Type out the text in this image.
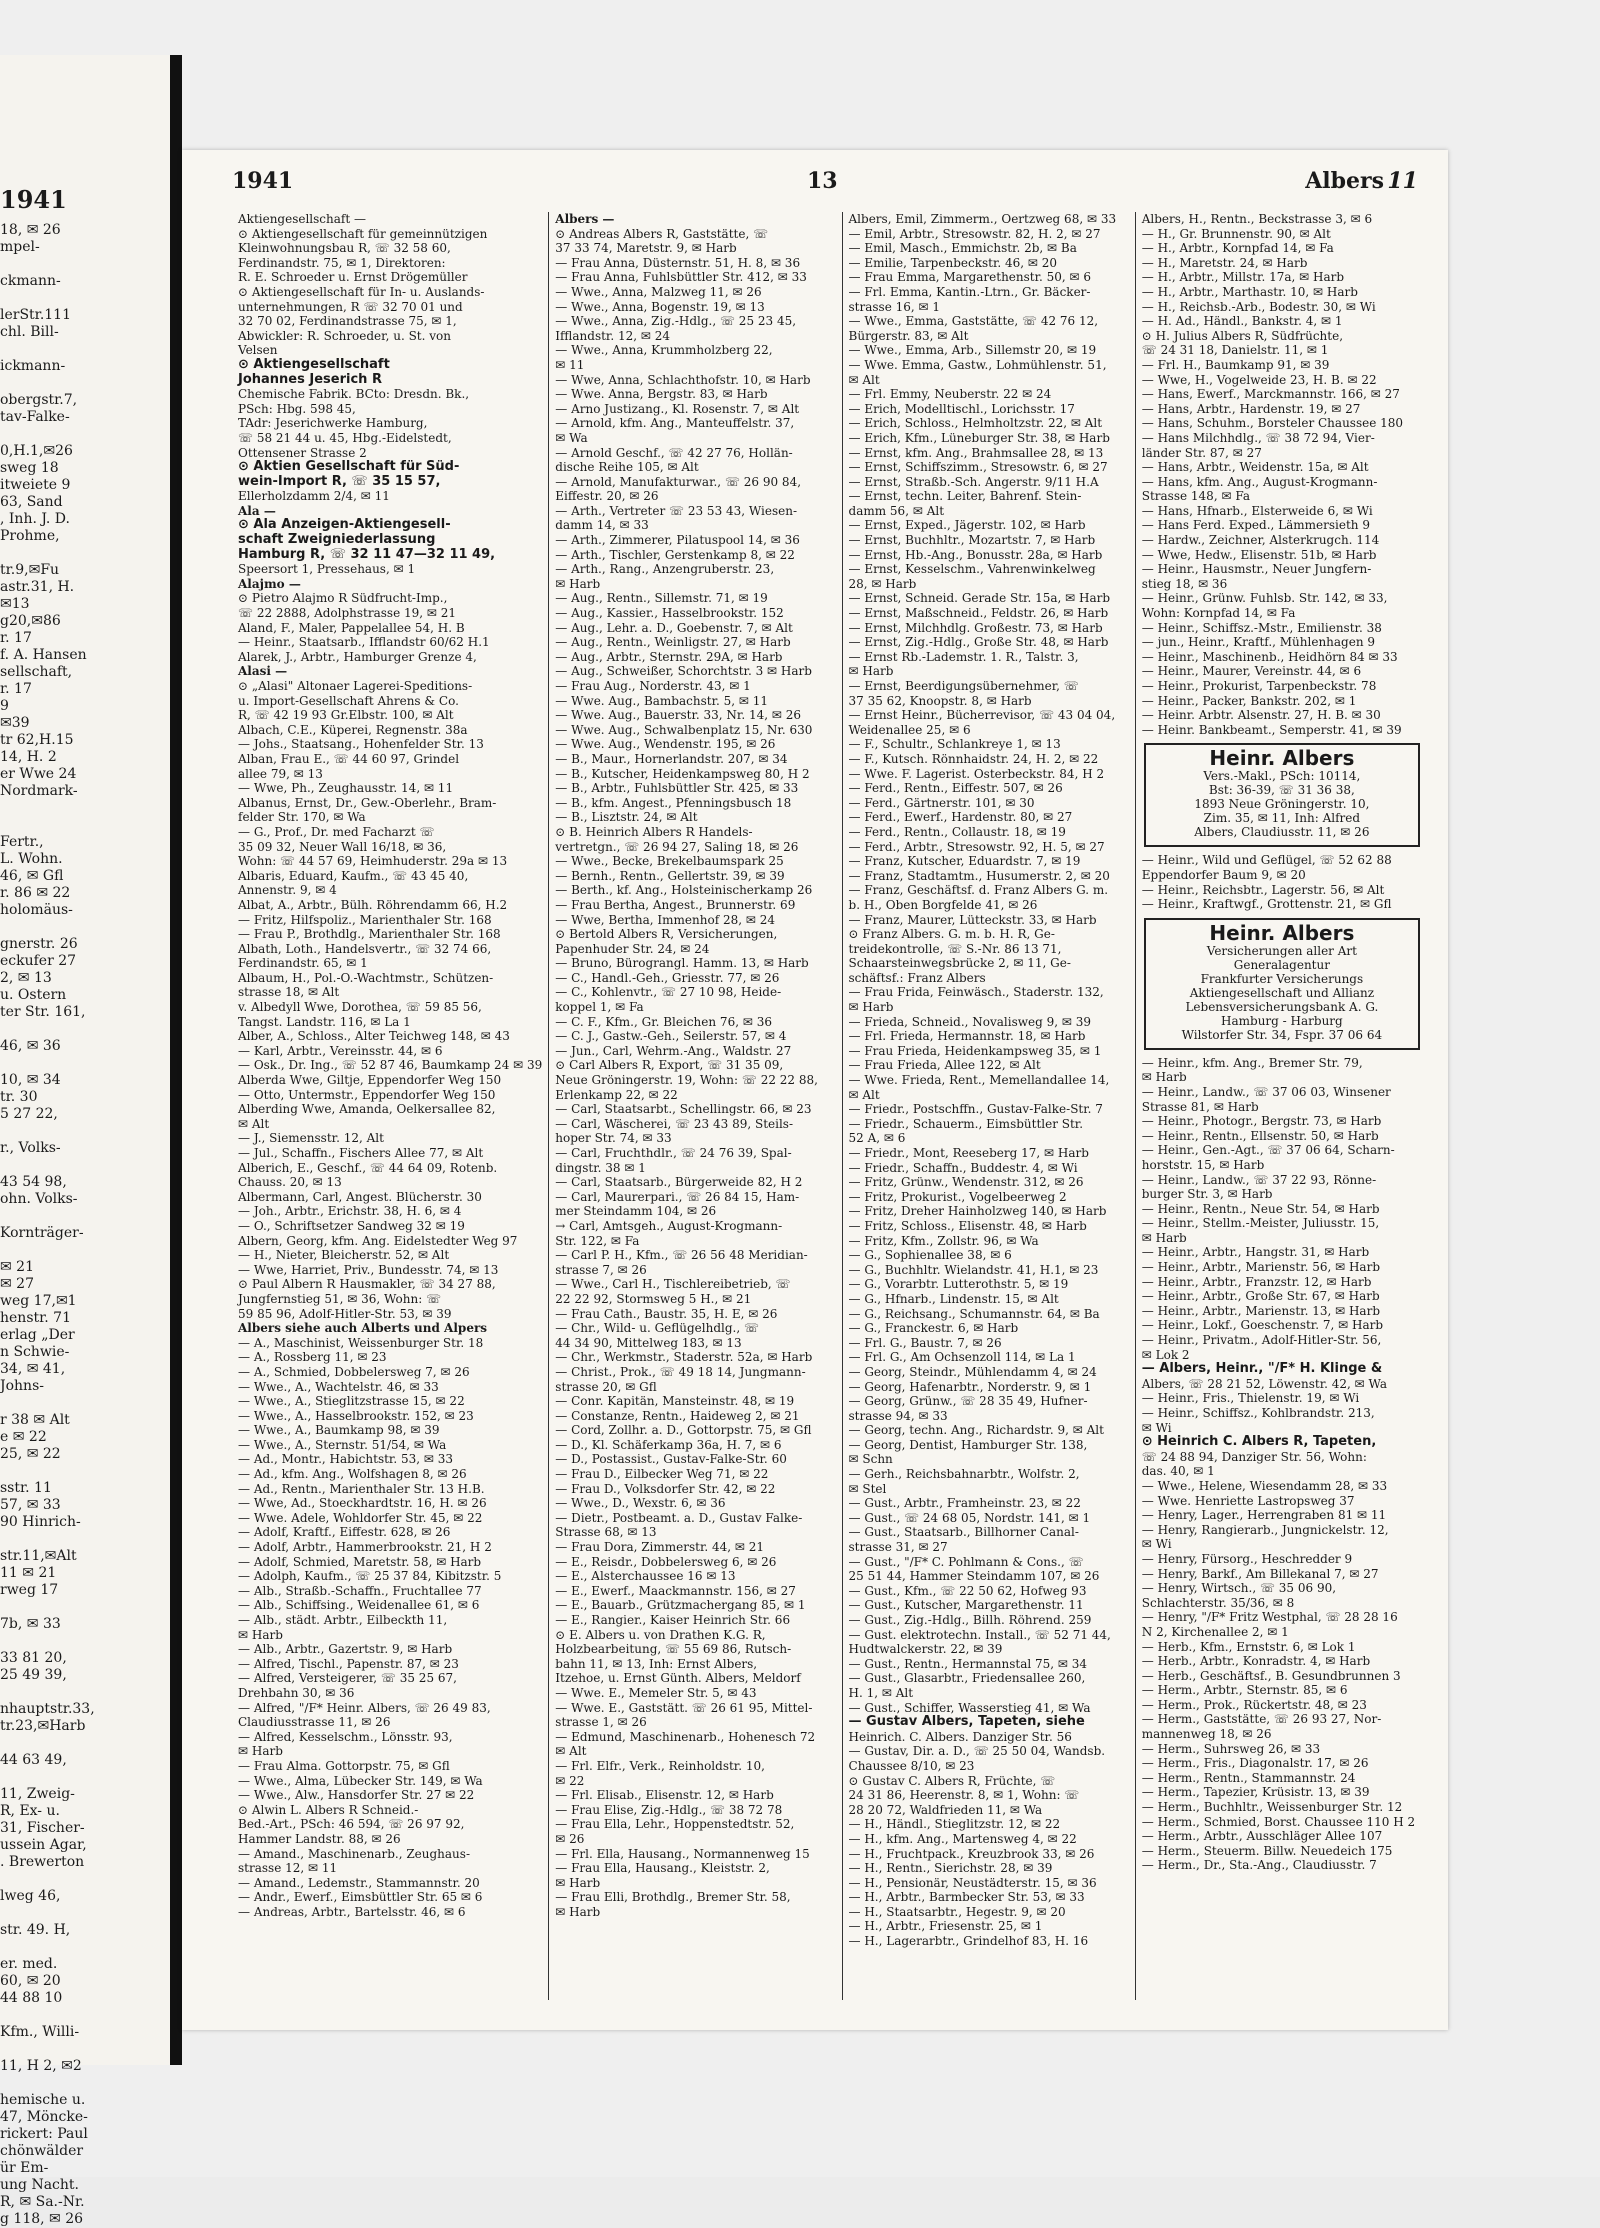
1941
18, ✉ 26
mpel-

ckmann-

lerStr.111
chl. Bill-

ickmann-

obergstr.7,
tav-Falke-

0,H.1,✉26
sweg 18
itweiete 9
63, Sand
, Inh. J. D.
Prohme,

tr.9,✉Fu
astr.31, H.
✉13
g20,✉86
r. 17
f. A. Hansen
sellschaft,
r. 17
9
✉39
tr 62,H.15
14, H. 2
er Wwe 24
Nordmark-

Fertr.,
L. Wohn.
46, ✉ Gfl
r. 86 ✉ 22
holomäus-

gnerstr. 26
eckufer 27
2, ✉ 13
u. Ostern
ter Str. 161,

46, ✉ 36

10, ✉ 34
tr. 30
5 27 22,

r., Volks-

43 54 98,
ohn. Volks-

Kornträger-

✉ 21
✉ 27
weg 17,✉1
henstr. 71
erlag „Der
n Schwie-
34, ✉ 41,
Johns-

r 38 ✉ Alt
e ✉ 22
25, ✉ 22

sstr. 11
57, ✉ 33
90 Hinrich-

str.11,✉Alt
11 ✉ 21
rweg 17

7b, ✉ 33

33 81 20,
25 49 39,

nhauptstr.33,
tr.23,✉Harb

44 63 49,

11, Zweig-
R, Ex- u.
31, Fischer-
ussein Agar,
. Brewerton

lweg 46,

str. 49. H,

er. med.
60, ✉ 20
44 88 10

Kfm., Willi-

11, H 2, ✉2

hemische u.
47, Möncke-
rickert: Paul
chönwälder
ür Em-
ung Nacht.
R, ✉ Sa.-Nr.
g 118, ✉ 26
1941	13	Albers 11
Aktiengesellschaft —
⊙ Aktiengesellschaft für gemeinnützigen
Kleinwohnungsbau R, ☏ 32 58 60,
Ferdinandstr. 75, ✉ 1, Direktoren:
R. E. Schroeder u. Ernst Drögemüller
⊙ Aktiengesellschaft für In- u. Auslands-
unternehmungen, R ☏ 32 70 01 und
32 70 02, Ferdinandstrasse 75, ✉ 1,
Abwickler: R. Schroeder, u. St. von
Velsen
⊙ Aktiengesellschaft
Johannes Jeserich R
Chemische Fabrik. BCto: Dresdn. Bk.,
PSch: Hbg. 598 45,
TAdr: Jeserichwerke Hamburg,
☏ 58 21 44 u. 45, Hbg.-Eidelstedt,
Ottensener Strasse 2
⊙ Aktien Gesellschaft für Süd-
wein-Import R, ☏ 35 15 57,
Ellerholzdamm 2/4, ✉ 11
Ala —
⊙ Ala Anzeigen-Aktiengesell-
schaft Zweigniederlassung
Hamburg R, ☏ 32 11 47—32 11 49,
Speersort 1, Pressehaus, ✉ 1
Alajmo —
⊙ Pietro Alajmo R Südfrucht-Imp.,
☏ 22 2888, Adolphstrasse 19, ✉ 21
Aland, F., Maler, Pappelallee 54, H. B
— Heinr., Staatsarb., Ifflandstr 60/62 H.1
Alarek, J., Arbtr., Hamburger Grenze 4,
Alasi —
⊙ „Alasi" Altonaer Lagerei-Speditions-
u. Import-Gesellschaft Ahrens & Co.
R, ☏ 42 19 93 Gr.Elbstr. 100, ✉ Alt
Albach, C.E., Küperei, Regnenstr. 38a
— Johs., Staatsang., Hohenfelder Str. 13
Alban, Frau E., ☏ 44 60 97, Grindel
allee 79, ✉ 13
— Wwe, Ph., Zeughausstr. 14, ✉ 11
Albanus, Ernst, Dr., Gew.-Oberlehr., Bram-
felder Str. 170, ✉ Wa
— G., Prof., Dr. med Facharzt ☏
35 09 32, Neuer Wall 16/18, ✉ 36,
Wohn: ☏ 44 57 69, Heimhuderstr. 29a ✉ 13
Albaris, Eduard, Kaufm., ☏ 43 45 40,
Annenstr. 9, ✉ 4
Albat, A., Arbtr., Bülh. Röhrendamm 66, H.2
— Fritz, Hilfspoliz., Marienthaler Str. 168
— Frau P., Brothdlg., Marienthaler Str. 168
Albath, Loth., Handelsvertr., ☏ 32 74 66,
Ferdinandstr. 65, ✉ 1
Albaum, H., Pol.-O.-Wachtmstr., Schützen-
strasse 18, ✉ Alt
v. Albedyll Wwe, Dorothea, ☏ 59 85 56,
Tangst. Landstr. 116, ✉ La 1
Alber, A., Schloss., Alter Teichweg 148, ✉ 43
— Karl, Arbtr., Vereinsstr. 44, ✉ 6
— Osk., Dr. Ing., ☏ 52 87 46, Baumkamp 24 ✉ 39
Alberda Wwe, Giltje, Eppendorfer Weg 150
— Otto, Untermstr., Eppendorfer Weg 150
Alberding Wwe, Amanda, Oelkersallee 82,
✉ Alt
— J., Siemensstr. 12, Alt
— Jul., Schaffn., Fischers Allee 77, ✉ Alt
Alberich, E., Geschf., ☏ 44 64 09, Rotenb.
Chauss. 20, ✉ 13
Albermann, Carl, Angest. Blücherstr. 30
— Joh., Arbtr., Erichstr. 38, H. 6, ✉ 4
— O., Schriftsetzer Sandweg 32 ✉ 19
Albern, Georg, kfm. Ang. Eidelstedter Weg 97
— H., Nieter, Bleicherstr. 52, ✉ Alt
— Wwe, Harriet, Priv., Bundesstr. 74, ✉ 13
⊙ Paul Albern R Hausmakler, ☏ 34 27 88,
Jungfernstieg 51, ✉ 36, Wohn: ☏
59 85 96, Adolf-Hitler-Str. 53, ✉ 39
Albers siehe auch Alberts und Alpers
— A., Maschinist, Weissenburger Str. 18
— A., Rossberg 11, ✉ 23
— A., Schmied, Dobbelersweg 7, ✉ 26
— Wwe., A., Wachtelstr. 46, ✉ 33
— Wwe., A., Stieglitzstrasse 15, ✉ 22
— Wwe., A., Hasselbrookstr. 152, ✉ 23
— Wwe., A., Baumkamp 98, ✉ 39
— Wwe., A., Sternstr. 51/54, ✉ Wa
— Ad., Montr., Habichtstr. 53, ✉ 33
— Ad., kfm. Ang., Wolfshagen 8, ✉ 26
— Ad., Rentn., Marienthaler Str. 13 H.B.
— Wwe, Ad., Stoeckhardtstr. 16, H. ✉ 26
— Wwe. Adele, Wohldorfer Str. 45, ✉ 22
— Adolf, Kraftf., Eiffestr. 628, ✉ 26
— Adolf, Arbtr., Hammerbrookstr. 21, H 2
— Adolf, Schmied, Maretstr. 58, ✉ Harb
— Adolph, Kaufm., ☏ 25 37 84, Kibitzstr. 5
— Alb., Straßb.-Schaffn., Fruchtallee 77
— Alb., Schiffsing., Weidenallee 61, ✉ 6
— Alb., städt. Arbtr., Eilbeckth 11,
✉ Harb
— Alb., Arbtr., Gazertstr. 9, ✉ Harb
— Alfred, Tischl., Papenstr. 87, ✉ 23
— Alfred, Versteigerer, ☏ 35 25 67,
Drehbahn 30, ✉ 36
— Alfred, "/F* Heinr. Albers, ☏ 26 49 83,
Claudiusstrasse 11, ✉ 26
— Alfred, Kesselschm., Lönsstr. 93,
✉ Harb
— Frau Alma. Gottorpstr. 75, ✉ Gfl
— Wwe., Alma, Lübecker Str. 149, ✉ Wa
— Wwe., Alw., Hansdorfer Str. 27 ✉ 22
⊙ Alwin L. Albers R Schneid.-
Bed.-Art., PSch: 46 594, ☏ 26 97 92,
Hammer Landstr. 88, ✉ 26
— Amand., Maschinenarb., Zeughaus-
strasse 12, ✉ 11
— Amand., Ledemstr., Stammannstr. 20
— Andr., Ewerf., Eimsbüttler Str. 65 ✉ 6
— Andreas, Arbtr., Bartelsstr. 46, ✉ 6
Albers —
⊙ Andreas Albers R, Gaststätte, ☏
37 33 74, Maretstr. 9, ✉ Harb
— Frau Anna, Düsternstr. 51, H. 8, ✉ 36
— Frau Anna, Fuhlsbüttler Str. 412, ✉ 33
— Wwe., Anna, Malzweg 11, ✉ 26
— Wwe., Anna, Bogenstr. 19, ✉ 13
— Wwe., Anna, Zig.-Hdlg., ☏ 25 23 45,
Ifflandstr. 12, ✉ 24
— Wwe., Anna, Krummholzberg 22,
✉ 11
— Wwe, Anna, Schlachthofstr. 10, ✉ Harb
— Wwe. Anna, Bergstr. 83, ✉ Harb
— Arno Justizang., Kl. Rosenstr. 7, ✉ Alt
— Arnold, kfm. Ang., Manteuffelstr. 37,
✉ Wa
— Arnold Geschf., ☏ 42 27 76, Hollän-
dische Reihe 105, ✉ Alt
— Arnold, Manufakturwar., ☏ 26 90 84,
Eiffestr. 20, ✉ 26
— Arth., Vertreter ☏ 23 53 43, Wiesen-
damm 14, ✉ 33
— Arth., Zimmerer, Pilatuspool 14, ✉ 36
— Arth., Tischler, Gerstenkamp 8, ✉ 22
— Arth., Rang., Anzengruberstr. 23,
✉ Harb
— Aug., Rentn., Sillemstr. 71, ✉ 19
— Aug., Kassier., Hasselbrookstr. 152
— Aug., Lehr. a. D., Goebenstr. 7, ✉ Alt
— Aug., Rentn., Weinligstr. 27, ✉ Harb
— Aug., Arbtr., Sternstr. 29A, ✉ Harb
— Aug., Schweißer, Schorchtstr. 3 ✉ Harb
— Frau Aug., Norderstr. 43, ✉ 1
— Wwe. Aug., Bambachstr. 5, ✉ 11
— Wwe. Aug., Bauerstr. 33, Nr. 14, ✉ 26
— Wwe. Aug., Schwalbenplatz 15, Nr. 630
— Wwe. Aug., Wendenstr. 195, ✉ 26
— B., Maur., Hornerlandstr. 207, ✉ 34
— B., Kutscher, Heidenkampsweg 80, H 2
— B., Arbtr., Fuhlsbüttler Str. 425, ✉ 33
— B., kfm. Angest., Pfenningsbusch 18
— B., Lisztstr. 24, ✉ Alt
⊙ B. Heinrich Albers R Handels-
vertretgn., ☏ 26 94 27, Saling 18, ✉ 26
— Wwe., Becke, Brekelbaumspark 25
— Bernh., Rentn., Gellertstr. 39, ✉ 39
— Berth., kf. Ang., Holsteinischerkamp 26
— Frau Bertha, Angest., Brunnerstr. 69
— Wwe, Bertha, Immenhof 28, ✉ 24
⊙ Bertold Albers R, Versicherungen,
Papenhuder Str. 24, ✉ 24
— Bruno, Bürograngl. Hamm. 13, ✉ Harb
— C., Handl.-Geh., Griesstr. 77, ✉ 26
— C., Kohlenvtr., ☏ 27 10 98, Heide-
koppel 1, ✉ Fa
— C. F., Kfm., Gr. Bleichen 76, ✉ 36
— C. J., Gastw.-Geh., Seilerstr. 57, ✉ 4
— Jun., Carl, Wehrm.-Ang., Waldstr. 27
⊙ Carl Albers R, Export, ☏ 31 35 09,
Neue Gröningerstr. 19, Wohn: ☏ 22 22 88,
Erlenkamp 22, ✉ 22
— Carl, Staatsarbt., Schellingstr. 66, ✉ 23
— Carl, Wäscherei, ☏ 23 43 89, Steils-
hoper Str. 74, ✉ 33
— Carl, Fruchthdlr., ☏ 24 76 39, Spal-
dingstr. 38 ✉ 1
— Carl, Staatsarb., Bürgerweide 82, H 2
— Carl, Maurerpari., ☏ 26 84 15, Ham-
mer Steindamm 104, ✉ 26
→ Carl, Amtsgeh., August-Krogmann-
Str. 122, ✉ Fa
— Carl P. H., Kfm., ☏ 26 56 48 Meridian-
strasse 7, ✉ 26
— Wwe., Carl H., Tischlereibetrieb, ☏
22 22 92, Stormsweg 5 H., ✉ 21
— Frau Cath., Baustr. 35, H. E, ✉ 26
— Chr., Wild- u. Geflügelhdlg., ☏
44 34 90, Mittelweg 183, ✉ 13
— Chr., Werkmstr., Staderstr. 52a, ✉ Harb
— Christ., Prok., ☏ 49 18 14, Jungmann-
strasse 20, ✉ Gfl
— Conr. Kapitän, Mansteinstr. 48, ✉ 19
— Constanze, Rentn., Haideweg 2, ✉ 21
— Cord, Zollhr. a. D., Gottorpstr. 75, ✉ Gfl
— D., Kl. Schäferkamp 36a, H. 7, ✉ 6
— D., Postassist., Gustav-Falke-Str. 60
— Frau D., Eilbecker Weg 71, ✉ 22
— Frau D., Volksdorfer Str. 42, ✉ 22
— Wwe., D., Wexstr. 6, ✉ 36
— Dietr., Postbeamt. a. D., Gustav Falke-
Strasse 68, ✉ 13
— Frau Dora, Zimmerstr. 44, ✉ 21
— E., Reisdr., Dobbelersweg 6, ✉ 26
— E., Alsterchaussee 16 ✉ 13
— E., Ewerf., Maackmannstr. 156, ✉ 27
— E., Bauarb., Grützmachergang 85, ✉ 1
— E., Rangier., Kaiser Heinrich Str. 66
⊙ E. Albers u. von Drathen K.G. R,
Holzbearbeitung, ☏ 55 69 86, Rutsch-
bahn 11, ✉ 13, Inh: Ernst Albers,
Itzehoe, u. Ernst Günth. Albers, Meldorf
— Wwe. E., Memeler Str. 5, ✉ 43
— Wwe. E., Gaststätt. ☏ 26 61 95, Mittel-
strasse 1, ✉ 26
— Edmund, Maschinenarb., Hohenesch 72
✉ Alt
— Frl. Elfr., Verk., Reinholdstr. 10,
✉ 22
— Frl. Elisab., Elisenstr. 12, ✉ Harb
— Frau Elise, Zig.-Hdlg., ☏ 38 72 78
— Frau Ella, Lehr., Hoppenstedtstr. 52,
✉ 26
— Frl. Ella, Hausang., Normannenweg 15
— Frau Ella, Hausang., Kleiststr. 2,
✉ Harb
— Frau Elli, Brothdlg., Bremer Str. 58,
✉ Harb
Albers, Emil, Zimmerm., Oertzweg 68, ✉ 33
— Emil, Arbtr., Stresowstr. 82, H. 2, ✉ 27
— Emil, Masch., Emmichstr. 2b, ✉ Ba
— Emilie, Tarpenbeckstr. 46, ✉ 20
— Frau Emma, Margarethenstr. 50, ✉ 6
— Frl. Emma, Kantin.-Ltrn., Gr. Bäcker-
strasse 16, ✉ 1
— Wwe., Emma, Gaststätte, ☏ 42 76 12,
Bürgerstr. 83, ✉ Alt
— Wwe., Emma, Arb., Sillemstr 20, ✉ 19
— Wwe. Emma, Gastw., Lohmühlenstr. 51,
✉ Alt
— Frl. Emmy, Neuberstr. 22 ✉ 24
— Erich, Modelltischl., Lorichsstr. 17
— Erich, Schloss., Helmholtzstr. 22, ✉ Alt
— Erich, Kfm., Lüneburger Str. 38, ✉ Harb
— Ernst, kfm. Ang., Brahmsallee 28, ✉ 13
— Ernst, Schiffszimm., Stresowstr. 6, ✉ 27
— Ernst, Straßb.-Sch. Angerstr. 9/11 H.A
— Ernst, techn. Leiter, Bahrenf. Stein-
damm 56, ✉ Alt
— Ernst, Exped., Jägerstr. 102, ✉ Harb
— Ernst, Buchhltr., Mozartstr. 7, ✉ Harb
— Ernst, Hb.-Ang., Bonusstr. 28a, ✉ Harb
— Ernst, Kesselschm., Vahrenwinkelweg
28, ✉ Harb
— Ernst, Schneid. Gerade Str. 15a, ✉ Harb
— Ernst, Maßschneid., Feldstr. 26, ✉ Harb
— Ernst, Milchhdlg. Großestr. 73, ✉ Harb
— Ernst, Zig.-Hdlg., Große Str. 48, ✉ Harb
— Ernst Rb.-Lademstr. 1. R., Talstr. 3,
✉ Harb
— Ernst, Beerdigungsübernehmer, ☏
37 35 62, Knoopstr. 8, ✉ Harb
— Ernst Heinr., Bücherrevisor, ☏ 43 04 04,
Weidenallee 25, ✉ 6
— F., Schultr., Schlankreye 1, ✉ 13
— F., Kutsch. Rönnhaidstr. 24, H. 2, ✉ 22
— Wwe. F. Lagerist. Osterbeckstr. 84, H 2
— Ferd., Rentn., Eiffestr. 507, ✉ 26
— Ferd., Gärtnerstr. 101, ✉ 30
— Ferd., Ewerf., Hardenstr. 80, ✉ 27
— Ferd., Rentn., Collaustr. 18, ✉ 19
— Ferd., Arbtr., Stresowstr. 92, H. 5, ✉ 27
— Franz, Kutscher, Eduardstr. 7, ✉ 19
— Franz, Stadtamtm., Husumerstr. 2, ✉ 20
— Franz, Geschäftsf. d. Franz Albers G. m.
b. H., Oben Borgfelde 41, ✉ 26
— Franz, Maurer, Lütteckstr. 33, ✉ Harb
⊙ Franz Albers. G. m. b. H. R, Ge-
treidekontrolle, ☏ S.-Nr. 86 13 71,
Schaarsteinwegsbrücke 2, ✉ 11, Ge-
schäftsf.: Franz Albers
— Frau Frida, Feinwäsch., Staderstr. 132,
✉ Harb
— Frieda, Schneid., Novalisweg 9, ✉ 39
— Frl. Frieda, Hermannstr. 18, ✉ Harb
— Frau Frieda, Heidenkampsweg 35, ✉ 1
— Frau Frieda, Allee 122, ✉ Alt
— Wwe. Frieda, Rent., Memellandallee 14,
✉ Alt
— Friedr., Postschffn., Gustav-Falke-Str. 7
— Friedr., Schauerm., Eimsbüttler Str.
52 A, ✉ 6
— Friedr., Mont, Reeseberg 17, ✉ Harb
— Friedr., Schaffn., Buddestr. 4, ✉ Wi
— Fritz, Grünw., Wendenstr. 312, ✉ 26
— Fritz, Prokurist., Vogelbeerweg 2
— Fritz, Dreher Hainholzweg 140, ✉ Harb
— Fritz, Schloss., Elisenstr. 48, ✉ Harb
— Fritz, Kfm., Zollstr. 96, ✉ Wa
— G., Sophienallee 38, ✉ 6
— G., Buchhltr. Wielandstr. 41, H.1, ✉ 23
— G., Vorarbtr. Lutterothstr. 5, ✉ 19
— G., Hfnarb., Lindenstr. 15, ✉ Alt
— G., Reichsang., Schumannstr. 64, ✉ Ba
— G., Franckestr. 6, ✉ Harb
— Frl. G., Baustr. 7, ✉ 26
— Frl. G., Am Ochsenzoll 114, ✉ La 1
— Georg, Steindr., Mühlendamm 4, ✉ 24
— Georg, Hafenarbtr., Norderstr. 9, ✉ 1
— Georg, Grünw., ☏ 28 35 49, Hufner-
strasse 94, ✉ 33
— Georg, techn. Ang., Richardstr. 9, ✉ Alt
— Georg, Dentist, Hamburger Str. 138,
✉ Schn
— Gerh., Reichsbahnarbtr., Wolfstr. 2,
✉ Stel
— Gust., Arbtr., Framheinstr. 23, ✉ 22
— Gust., ☏ 24 68 05, Nordstr. 141, ✉ 1
— Gust., Staatsarb., Billhorner Canal-
strasse 31, ✉ 27
— Gust., "/F* C. Pohlmann & Cons., ☏
25 51 44, Hammer Steindamm 107, ✉ 26
— Gust., Kfm., ☏ 22 50 62, Hofweg 93
— Gust., Kutscher, Margarethenstr. 11
— Gust., Zig.-Hdlg., Billh. Röhrend. 259
— Gust. elektrotechn. Install., ☏ 52 71 44,
Hudtwalckerstr. 22, ✉ 39
— Gust., Rentn., Hermannstal 75, ✉ 34
— Gust., Glasarbtr., Friedensallee 260,
H. 1, ✉ Alt
— Gust., Schiffer, Wasserstieg 41, ✉ Wa
— Gustav Albers, Tapeten, siehe
Heinrich. C. Albers. Danziger Str. 56
— Gustav, Dir. a. D., ☏ 25 50 04, Wandsb.
Chaussee 8/10, ✉ 23
⊙ Gustav C. Albers R, Früchte, ☏
24 31 86, Heerenstr. 8, ✉ 1, Wohn: ☏
28 20 72, Waldfrieden 11, ✉ Wa
— H., Händl., Stieglitzstr. 12, ✉ 22
— H., kfm. Ang., Martensweg 4, ✉ 22
— H., Fruchtpack., Kreuzbrook 33, ✉ 26
— H., Rentn., Sierichstr. 28, ✉ 39
— H., Pensionär, Neustädterstr. 15, ✉ 36
— H., Arbtr., Barmbecker Str. 53, ✉ 33
— H., Staatsarbtr., Hegestr. 9, ✉ 20
— H., Arbtr., Friesenstr. 25, ✉ 1
— H., Lagerarbtr., Grindelhof 83, H. 16
Albers, H., Rentn., Beckstrasse 3, ✉ 6
— H., Gr. Brunnenstr. 90, ✉ Alt
— H., Arbtr., Kornpfad 14, ✉ Fa
— H., Maretstr. 24, ✉ Harb
— H., Arbtr., Millstr. 17a, ✉ Harb
— H., Arbtr., Marthastr. 10, ✉ Harb
— H., Reichsb.-Arb., Bodestr. 30, ✉ Wi
— H. Ad., Händl., Bankstr. 4, ✉ 1
⊙ H. Julius Albers R, Südfrüchte,
☏ 24 31 18, Danielstr. 11, ✉ 1
— Frl. H., Baumkamp 91, ✉ 39
— Wwe, H., Vogelweide 23, H. B. ✉ 22
— Hans, Ewerf., Marckmannstr. 166, ✉ 27
— Hans, Arbtr., Hardenstr. 19, ✉ 27
— Hans, Schuhm., Borsteler Chaussee 180
— Hans Milchhdlg., ☏ 38 72 94, Vier-
länder Str. 87, ✉ 27
— Hans, Arbtr., Weidenstr. 15a, ✉ Alt
— Hans, kfm. Ang., August-Krogmann-
Strasse 148, ✉ Fa
— Hans, Hfnarb., Elsterweide 6, ✉ Wi
— Hans Ferd. Exped., Lämmersieth 9
— Hardw., Zeichner, Alsterkrugch. 114
— Wwe, Hedw., Elisenstr. 51b, ✉ Harb
— Heinr., Hausmstr., Neuer Jungfern-
stieg 18, ✉ 36
— Heinr., Grünw. Fuhlsb. Str. 142, ✉ 33,
Wohn: Kornpfad 14, ✉ Fa
— Heinr., Schiffsz.-Mstr., Emilienstr. 38
— jun., Heinr., Kraftf., Mühlenhagen 9
— Heinr., Maschinenb., Heidhörn 84 ✉ 33
— Heinr., Maurer, Vereinstr. 44, ✉ 6
— Heinr., Prokurist, Tarpenbeckstr. 78
— Heinr., Packer, Bankstr. 202, ✉ 1
— Heinr. Arbtr. Alsenstr. 27, H. B. ✉ 30
— Heinr. Bankbeamt., Semperstr. 41, ✉ 39
Heinr. Albers
Vers.-Makl., PSch: 10114,
Bst: 36-39, ☏ 31 36 38,
1893 Neue Gröningerstr. 10,
Zim. 35, ✉ 11, Inh: Alfred
Albers, Claudiusstr. 11, ✉ 26
— Heinr., Wild und Geflügel, ☏ 52 62 88
Eppendorfer Baum 9, ✉ 20
— Heinr., Reichsbtr., Lagerstr. 56, ✉ Alt
— Heinr., Kraftwgf., Grottenstr. 21, ✉ Gfl
Heinr. Albers
Versicherungen aller Art
Generalagentur
Frankfurter Versicherungs
Aktiengesellschaft und Allianz
Lebensversicherungsbank A. G.
Hamburg - Harburg
Wilstorfer Str. 34, Fspr. 37 06 64
— Heinr., kfm. Ang., Bremer Str. 79,
✉ Harb
— Heinr., Landw., ☏ 37 06 03, Winsener
Strasse 81, ✉ Harb
— Heinr., Photogr., Bergstr. 73, ✉ Harb
— Heinr., Rentn., Ellsenstr. 50, ✉ Harb
— Heinr., Gen.-Agt., ☏ 37 06 64, Scharn-
horststr. 15, ✉ Harb
— Heinr., Landw., ☏ 37 22 93, Rönne-
burger Str. 3, ✉ Harb
— Heinr., Rentn., Neue Str. 54, ✉ Harb
— Heinr., Stellm.-Meister, Juliusstr. 15,
✉ Harb
— Heinr., Arbtr., Hangstr. 31, ✉ Harb
— Heinr., Arbtr., Marienstr. 56, ✉ Harb
— Heinr., Arbtr., Franzstr. 12, ✉ Harb
— Heinr., Arbtr., Große Str. 67, ✉ Harb
— Heinr., Arbtr., Marienstr. 13, ✉ Harb
— Heinr., Lokf., Goeschenstr. 7, ✉ Harb
— Heinr., Privatm., Adolf-Hitler-Str. 56,
✉ Lok 2
— Albers, Heinr., "/F* H. Klinge &
Albers, ☏ 28 21 52, Löwenstr. 42, ✉ Wa
— Heinr., Fris., Thielenstr. 19, ✉ Wi
— Heinr., Schiffsz., Kohlbrandstr. 213,
✉ Wi
⊙ Heinrich C. Albers R, Tapeten,
☏ 24 88 94, Danziger Str. 56, Wohn:
das. 40, ✉ 1
— Wwe., Helene, Wiesendamm 28, ✉ 33
— Wwe. Henriette Lastropsweg 37
— Henry, Lager., Herrengraben 81 ✉ 11
— Henry, Rangierarb., Jungnickelstr. 12,
✉ Wi
— Henry, Fürsorg., Heschredder 9
— Henry, Barkf., Am Billekanal 7, ✉ 27
— Henry, Wirtsch., ☏ 35 06 90,
Schlachterstr. 35/36, ✉ 8
— Henry, "/F* Fritz Westphal, ☏ 28 28 16
N 2, Kirchenallee 2, ✉ 1
— Herb., Kfm., Ernststr. 6, ✉ Lok 1
— Herb., Arbtr., Konradstr. 4, ✉ Harb
— Herb., Geschäftsf., B. Gesundbrunnen 3
— Herm., Arbtr., Sternstr. 85, ✉ 6
— Herm., Prok., Rückertstr. 48, ✉ 23
— Herm., Gaststätte, ☏ 26 93 27, Nor-
mannenweg 18, ✉ 26
— Herm., Suhrsweg 26, ✉ 33
— Herm., Fris., Diagonalstr. 17, ✉ 26
— Herm., Rentn., Stammannstr. 24
— Herm., Tapezier, Krüsistr. 13, ✉ 39
— Herm., Buchhltr., Weissenburger Str. 12
— Herm., Schmied, Borst. Chaussee 110 H 2
— Herm., Arbtr., Ausschläger Allee 107
— Herm., Steuerm. Billw. Neuedeich 175
— Herm., Dr., Sta.-Ang., Claudiusstr. 7
